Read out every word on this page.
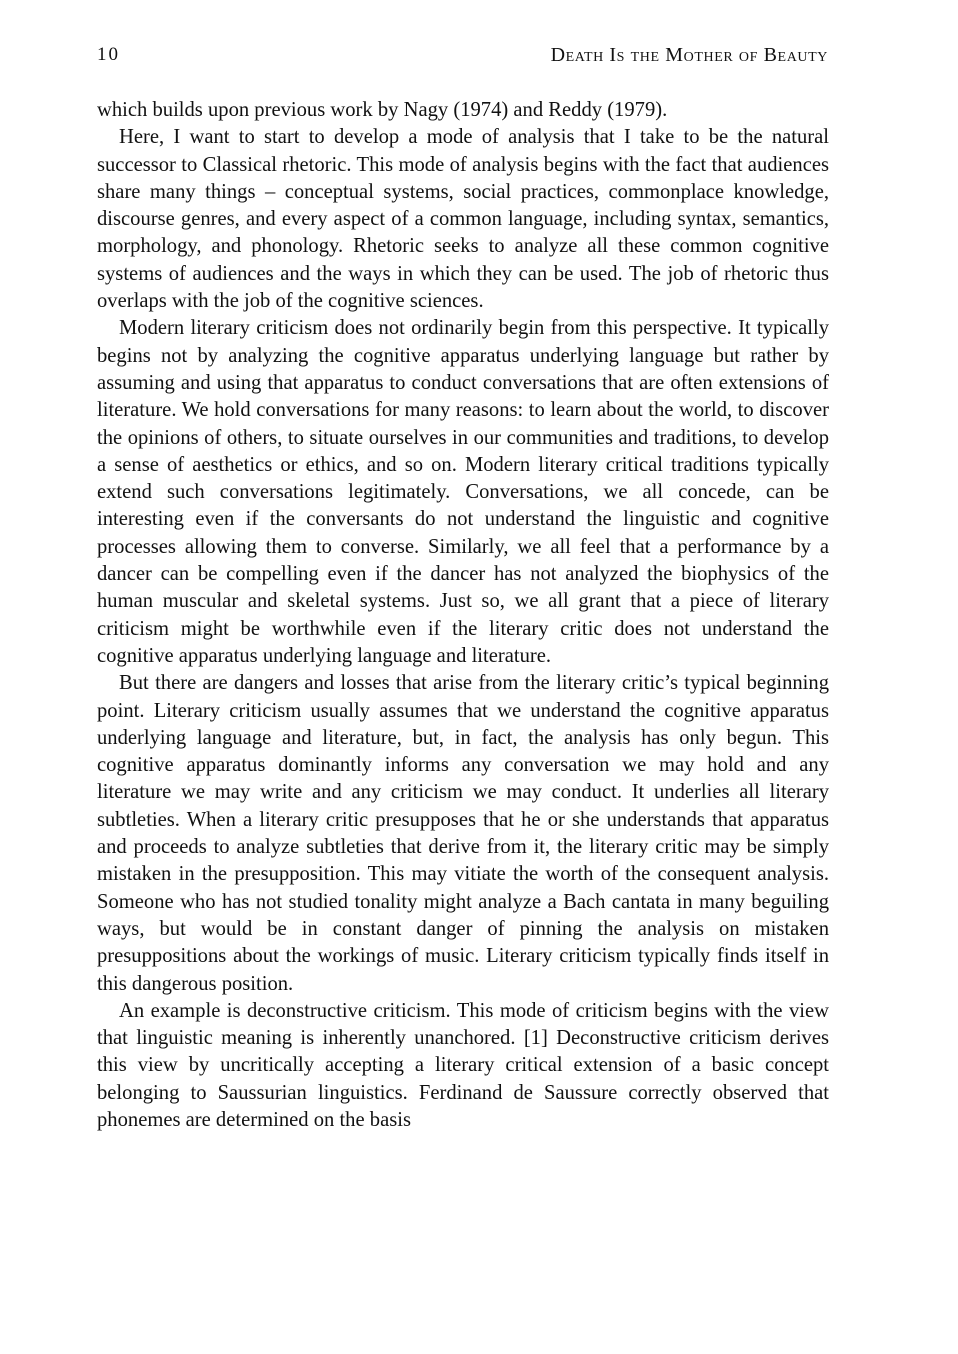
10	Death Is the Mother of Beauty

which builds upon previous work by Nagy (1974) and Reddy (1979).

Here, I want to start to develop a mode of analysis that I take to be the natural successor to Classical rhetoric. This mode of analysis begins with the fact that audiences share many things – conceptual systems, social practices, commonplace knowledge, discourse genres, and every aspect of a common language, including syntax, semantics, morphology, and phonology. Rhetoric seeks to analyze all these common cognitive systems of audiences and the ways in which they can be used. The job of rhetoric thus overlaps with the job of the cognitive sciences.

Modern literary criticism does not ordinarily begin from this perspective. It typically begins not by analyzing the cognitive apparatus underlying language but rather by assuming and using that apparatus to conduct conversations that are often extensions of literature. We hold conversations for many reasons: to learn about the world, to discover the opinions of others, to situate ourselves in our communities and traditions, to develop a sense of aesthetics or ethics, and so on. Modern literary critical traditions typically extend such conversations legitimately. Conversations, we all concede, can be interesting even if the conversants do not understand the linguistic and cognitive processes allowing them to converse. Similarly, we all feel that a performance by a dancer can be compelling even if the dancer has not analyzed the biophysics of the human muscular and skeletal systems. Just so, we all grant that a piece of literary criticism might be worthwhile even if the literary critic does not understand the cognitive apparatus underlying language and literature.

But there are dangers and losses that arise from the literary critic’s typical beginning point. Literary criticism usually assumes that we understand the cognitive apparatus underlying language and literature, but, in fact, the analysis has only begun. This cognitive apparatus dominantly informs any conversation we may hold and any literature we may write and any criticism we may conduct. It underlies all literary subtleties. When a literary critic presupposes that he or she understands that apparatus and proceeds to analyze subtleties that derive from it, the literary critic may be simply mistaken in the presupposition. This may vitiate the worth of the consequent analysis. Someone who has not studied tonality might analyze a Bach cantata in many beguiling ways, but would be in constant danger of pinning the analysis on mistaken presuppositions about the workings of music. Literary criticism typically finds itself in this dangerous position.

An example is deconstructive criticism. This mode of criticism begins with the view that linguistic meaning is inherently unanchored. [1] Deconstructive criticism derives this view by uncritically accepting a literary critical extension of a basic concept belonging to Saussurian linguistics. Ferdinand de Saussure correctly observed that phonemes are determined on the basis
